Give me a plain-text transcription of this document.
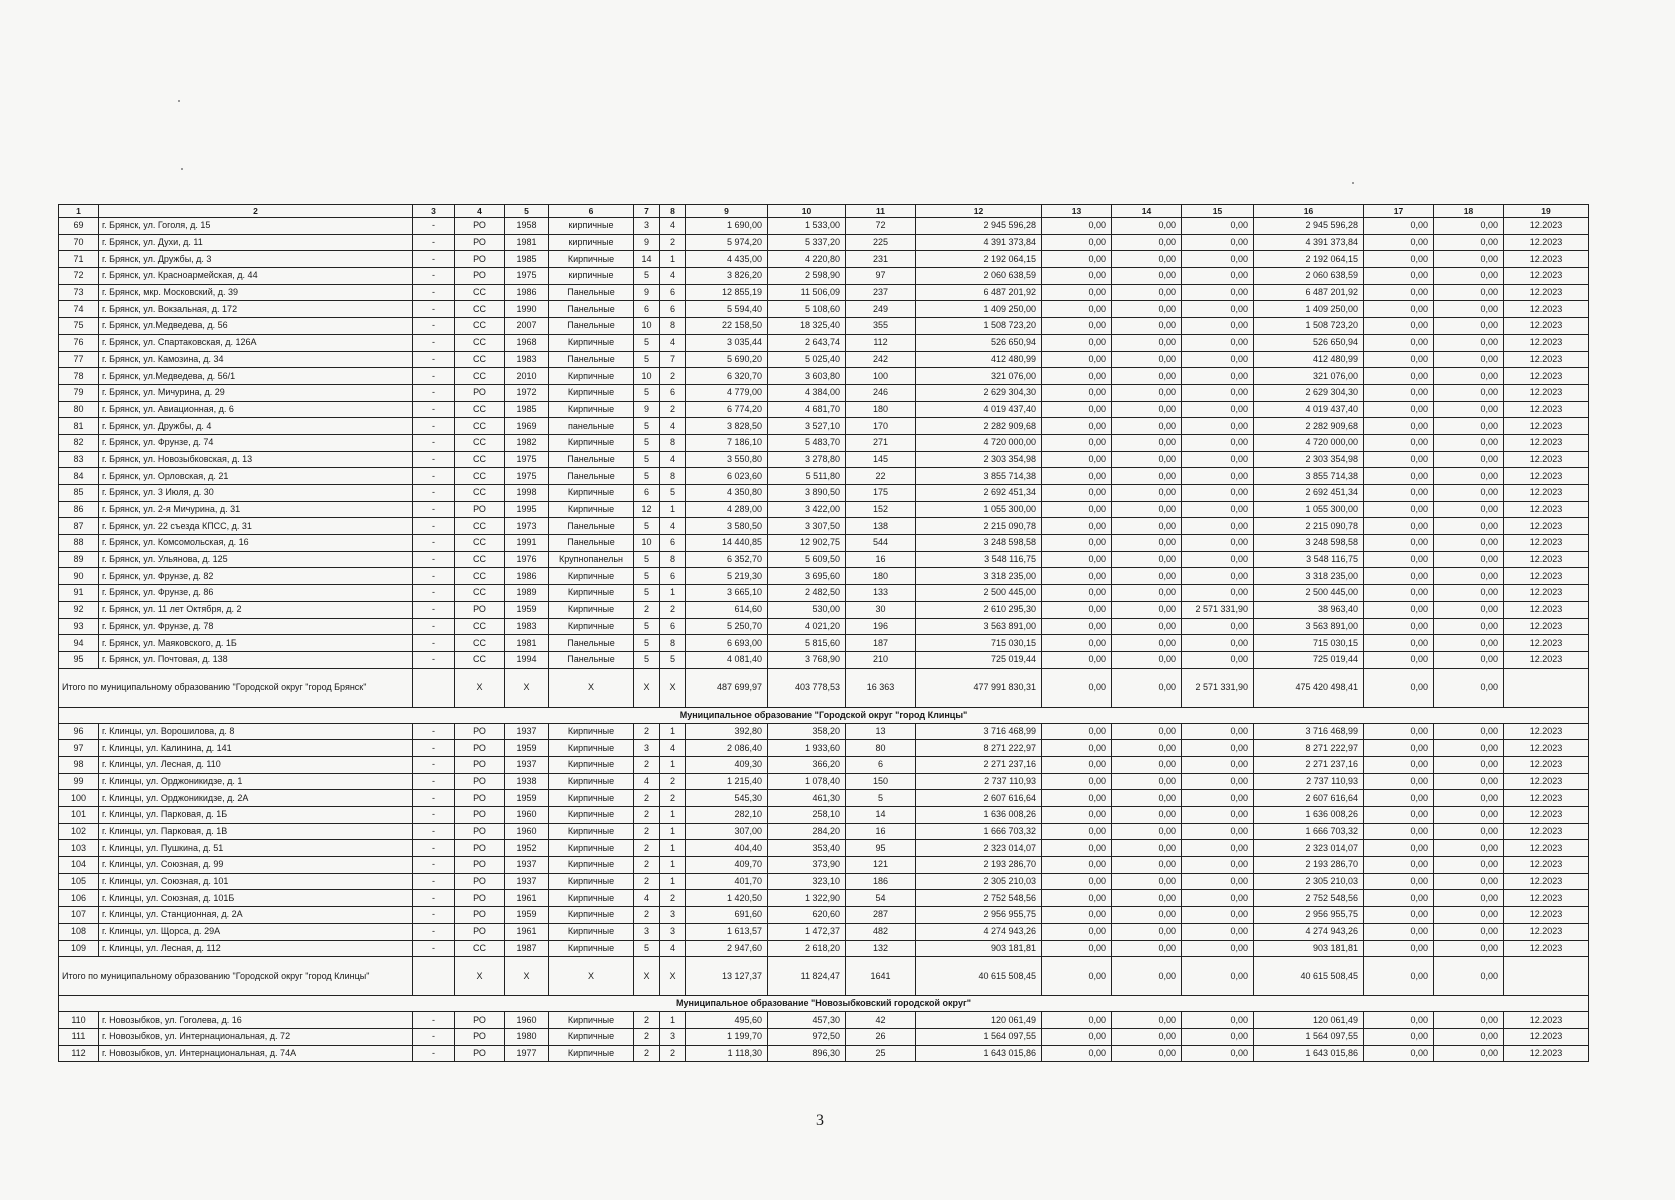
1	2	3	4	5	6	7	8	9	10	11	12	13	14	15	16	17	18	19
69	г. Брянск, ул. Гоголя, д. 15	-	РО	1958	кирпичные	3	4	1 690,00	1 533,00	72	2 945 596,28	0,00	0,00	0,00	2 945 596,28	0,00	0,00	12.2023
70	г. Брянск, ул. Духи, д. 11	-	РО	1981	кирпичные	9	2	5 974,20	5 337,20	225	4 391 373,84	0,00	0,00	0,00	4 391 373,84	0,00	0,00	12.2023
71	г. Брянск, ул. Дружбы, д. 3	-	РО	1985	Кирпичные	14	1	4 435,00	4 220,80	231	2 192 064,15	0,00	0,00	0,00	2 192 064,15	0,00	0,00	12.2023
72	г. Брянск, ул. Красноармейская, д. 44	-	РО	1975	кирпичные	5	4	3 826,20	2 598,90	97	2 060 638,59	0,00	0,00	0,00	2 060 638,59	0,00	0,00	12.2023
73	г. Брянск, мкр. Московский, д. 39	-	СС	1986	Панельные	9	6	12 855,19	11 506,09	237	6 487 201,92	0,00	0,00	0,00	6 487 201,92	0,00	0,00	12.2023
74	г. Брянск, ул. Вокзальная, д. 172	-	СС	1990	Панельные	6	6	5 594,40	5 108,60	249	1 409 250,00	0,00	0,00	0,00	1 409 250,00	0,00	0,00	12.2023
75	г. Брянск, ул.Медведева, д. 56	-	СС	2007	Панельные	10	8	22 158,50	18 325,40	355	1 508 723,20	0,00	0,00	0,00	1 508 723,20	0,00	0,00	12.2023
76	г. Брянск, ул. Спартаковская, д. 126А	-	СС	1968	Кирпичные	5	4	3 035,44	2 643,74	112	526 650,94	0,00	0,00	0,00	526 650,94	0,00	0,00	12.2023
77	г. Брянск, ул. Камозина, д. 34	-	СС	1983	Панельные	5	7	5 690,20	5 025,40	242	412 480,99	0,00	0,00	0,00	412 480,99	0,00	0,00	12.2023
78	г. Брянск, ул.Медведева, д. 56/1	-	СС	2010	Кирпичные	10	2	6 320,70	3 603,80	100	321 076,00	0,00	0,00	0,00	321 076,00	0,00	0,00	12.2023
79	г. Брянск, ул. Мичурина, д. 29	-	РО	1972	Кирпичные	5	6	4 779,00	4 384,00	246	2 629 304,30	0,00	0,00	0,00	2 629 304,30	0,00	0,00	12.2023
80	г. Брянск, ул. Авиационная, д. 6	-	СС	1985	Кирпичные	9	2	6 774,20	4 681,70	180	4 019 437,40	0,00	0,00	0,00	4 019 437,40	0,00	0,00	12.2023
81	г. Брянск, ул. Дружбы, д. 4	-	СС	1969	панельные	5	4	3 828,50	3 527,10	170	2 282 909,68	0,00	0,00	0,00	2 282 909,68	0,00	0,00	12.2023
82	г. Брянск, ул. Фрунзе, д. 74	-	СС	1982	Кирпичные	5	8	7 186,10	5 483,70	271	4 720 000,00	0,00	0,00	0,00	4 720 000,00	0,00	0,00	12.2023
83	г. Брянск, ул. Новозыбковская, д. 13	-	СС	1975	Панельные	5	4	3 550,80	3 278,80	145	2 303 354,98	0,00	0,00	0,00	2 303 354,98	0,00	0,00	12.2023
84	г. Брянск, ул. Орловская, д. 21	-	СС	1975	Панельные	5	8	6 023,60	5 511,80	22	3 855 714,38	0,00	0,00	0,00	3 855 714,38	0,00	0,00	12.2023
85	г. Брянск, ул. 3 Июля, д. 30	-	СС	1998	Кирпичные	6	5	4 350,80	3 890,50	175	2 692 451,34	0,00	0,00	0,00	2 692 451,34	0,00	0,00	12.2023
86	г. Брянск, ул. 2-я Мичурина, д. 31	-	РО	1995	Кирпичные	12	1	4 289,00	3 422,00	152	1 055 300,00	0,00	0,00	0,00	1 055 300,00	0,00	0,00	12.2023
87	г. Брянск, ул. 22 съезда КПСС, д. 31	-	СС	1973	Панельные	5	4	3 580,50	3 307,50	138	2 215 090,78	0,00	0,00	0,00	2 215 090,78	0,00	0,00	12.2023
88	г. Брянск, ул. Комсомольская, д. 16	-	СС	1991	Панельные	10	6	14 440,85	12 902,75	544	3 248 598,58	0,00	0,00	0,00	3 248 598,58	0,00	0,00	12.2023
89	г. Брянск, ул. Ульянова, д. 125	-	СС	1976	Крупнопанельн	5	8	6 352,70	5 609,50	16	3 548 116,75	0,00	0,00	0,00	3 548 116,75	0,00	0,00	12.2023
90	г. Брянск, ул. Фрунзе, д. 82	-	СС	1986	Кирпичные	5	6	5 219,30	3 695,60	180	3 318 235,00	0,00	0,00	0,00	3 318 235,00	0,00	0,00	12.2023
91	г. Брянск, ул. Фрунзе, д. 86	-	СС	1989	Кирпичные	5	1	3 665,10	2 482,50	133	2 500 445,00	0,00	0,00	0,00	2 500 445,00	0,00	0,00	12.2023
92	г. Брянск, ул. 11 лет Октября, д. 2	-	РО	1959	Кирпичные	2	2	614,60	530,00	30	2 610 295,30	0,00	0,00	2 571 331,90	38 963,40	0,00	0,00	12.2023
93	г. Брянск, ул. Фрунзе, д. 78	-	СС	1983	Кирпичные	5	6	5 250,70	4 021,20	196	3 563 891,00	0,00	0,00	0,00	3 563 891,00	0,00	0,00	12.2023
94	г. Брянск, ул. Маяковского, д. 1Б	-	СС	1981	Панельные	5	8	6 693,00	5 815,60	187	715 030,15	0,00	0,00	0,00	715 030,15	0,00	0,00	12.2023
95	г. Брянск, ул. Почтовая, д. 138	-	СС	1994	Панельные	5	5	4 081,40	3 768,90	210	725 019,44	0,00	0,00	0,00	725 019,44	0,00	0,00	12.2023
Итого по муниципальному образованию "Городской округ "город Брянск"			X	X	X	X	X	487 699,97	403 778,53	16 363	477 991 830,31	0,00	0,00	2 571 331,90	475 420 498,41	0,00	0,00	
Муниципальное образование "Городской округ "город Клинцы"																		
96	г. Клинцы, ул. Ворошилова, д. 8	-	РО	1937	Кирпичные	2	1	392,80	358,20	13	3 716 468,99	0,00	0,00	0,00	3 716 468,99	0,00	0,00	12.2023
97	г. Клинцы, ул. Калинина, д. 141	-	РО	1959	Кирпичные	3	4	2 086,40	1 933,60	80	8 271 222,97	0,00	0,00	0,00	8 271 222,97	0,00	0,00	12.2023
98	г. Клинцы, ул. Лесная, д. 110	-	РО	1937	Кирпичные	2	1	409,30	366,20	6	2 271 237,16	0,00	0,00	0,00	2 271 237,16	0,00	0,00	12.2023
99	г. Клинцы, ул. Орджоникидзе, д. 1	-	РО	1938	Кирпичные	4	2	1 215,40	1 078,40	150	2 737 110,93	0,00	0,00	0,00	2 737 110,93	0,00	0,00	12.2023
100	г. Клинцы, ул. Орджоникидзе, д. 2А	-	РО	1959	Кирпичные	2	2	545,30	461,30	5	2 607 616,64	0,00	0,00	0,00	2 607 616,64	0,00	0,00	12.2023
101	г. Клинцы, ул. Парковая, д. 1Б	-	РО	1960	Кирпичные	2	1	282,10	258,10	14	1 636 008,26	0,00	0,00	0,00	1 636 008,26	0,00	0,00	12.2023
102	г. Клинцы, ул. Парковая, д. 1В	-	РО	1960	Кирпичные	2	1	307,00	284,20	16	1 666 703,32	0,00	0,00	0,00	1 666 703,32	0,00	0,00	12.2023
103	г. Клинцы, ул. Пушкина, д. 51	-	РО	1952	Кирпичные	2	1	404,40	353,40	95	2 323 014,07	0,00	0,00	0,00	2 323 014,07	0,00	0,00	12.2023
104	г. Клинцы, ул. Союзная, д. 99	-	РО	1937	Кирпичные	2	1	409,70	373,90	121	2 193 286,70	0,00	0,00	0,00	2 193 286,70	0,00	0,00	12.2023
105	г. Клинцы, ул. Союзная, д. 101	-	РО	1937	Кирпичные	2	1	401,70	323,10	186	2 305 210,03	0,00	0,00	0,00	2 305 210,03	0,00	0,00	12.2023
106	г. Клинцы, ул. Союзная, д. 101Б	-	РО	1961	Кирпичные	4	2	1 420,50	1 322,90	54	2 752 548,56	0,00	0,00	0,00	2 752 548,56	0,00	0,00	12.2023
107	г. Клинцы, ул. Станционная, д. 2А	-	РО	1959	Кирпичные	2	3	691,60	620,60	287	2 956 955,75	0,00	0,00	0,00	2 956 955,75	0,00	0,00	12.2023
108	г. Клинцы, ул. Щорса, д. 29А	-	РО	1961	Кирпичные	3	3	1 613,57	1 472,37	482	4 274 943,26	0,00	0,00	0,00	4 274 943,26	0,00	0,00	12.2023
109	г. Клинцы, ул. Лесная, д. 112	-	СС	1987	Кирпичные	5	4	2 947,60	2 618,20	132	903 181,81	0,00	0,00	0,00	903 181,81	0,00	0,00	12.2023
Итого по муниципальному образованию "Городской округ "город Клинцы"			X	X	X	X	X	13 127,37	11 824,47	1641	40 615 508,45	0,00	0,00	0,00	40 615 508,45	0,00	0,00	
Муниципальное образование "Новозыбковский городской округ"																		
110	г. Новозыбков, ул. Гоголева, д. 16	-	РО	1960	Кирпичные	2	1	495,60	457,30	42	120 061,49	0,00	0,00	0,00	120 061,49	0,00	0,00	12.2023
111	г. Новозыбков, ул. Интернациональная, д. 72	-	РО	1980	Кирпичные	2	3	1 199,70	972,50	26	1 564 097,55	0,00	0,00	0,00	1 564 097,55	0,00	0,00	12.2023
112	г. Новозыбков, ул. Интернациональная, д. 74А	-	РО	1977	Кирпичные	2	2	1 118,30	896,30	25	1 643 015,86	0,00	0,00	0,00	1 643 015,86	0,00	0,00	12.2023
3
